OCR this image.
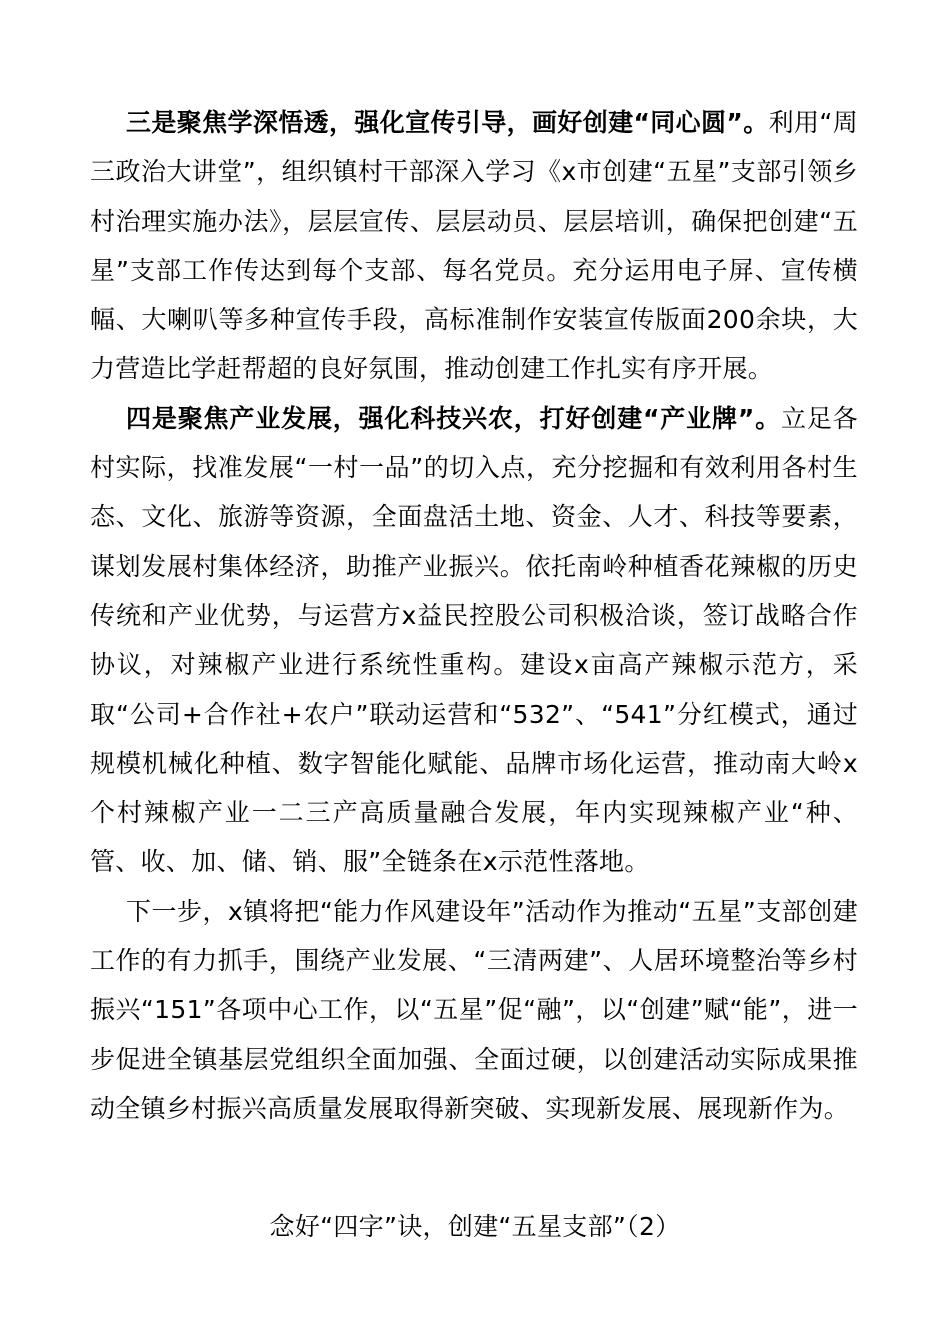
三是聚焦学深悟透，强化宣传引导，画好创建“同心圆”。利用“周三政治大讲堂”，组织镇村干部深入学习《x市创建“五星”支部引领乡村治理实施办法》，层层宣传、层层动员、层层培训，确保把创建“五星”支部工作传达到每个支部、每名党员。充分运用电子屏、宣传横幅、大喇叭等多种宣传手段，高标准制作安装宣传版面200余块，大力营造比学赶帮超的良好氛围，推动创建工作扎实有序开展。

四是聚焦产业发展，强化科技兴农，打好创建“产业牌”。立足各村实际，找准发展“一村一品”的切入点，充分挖掘和有效利用各村生态、文化、旅游等资源，全面盘活土地、资金、人才、科技等要素，谋划发展村集体经济，助推产业振兴。依托南岭种植香花辣椒的历史传统和产业优势，与运营方x益民控股公司积极洽谈，签订战略合作协议，对辣椒产业进行系统性重构。建设x亩高产辣椒示范方，采取“公司+合作社+农户”联动运营和“532”、“541”分红模式，通过规模机械化种植、数字智能化赋能、品牌市场化运营，推动南大岭x个村辣椒产业一二三产高质量融合发展，年内实现辣椒产业“种、管、收、加、储、销、服”全链条在x示范性落地。

下一步，x镇将把“能力作风建设年”活动作为推动“五星”支部创建工作的有力抓手，围绕产业发展、“三清两建”、人居环境整治等乡村振兴“151”各项中心工作，以“五星”促“融”，以“创建”赋“能”，进一步促进全镇基层党组织全面加强、全面过硬，以创建活动实际成果推动全镇乡村振兴高质量发展取得新突破、实现新发展、展现新作为。

念好“四字”诀，创建“五星支部”（2）
